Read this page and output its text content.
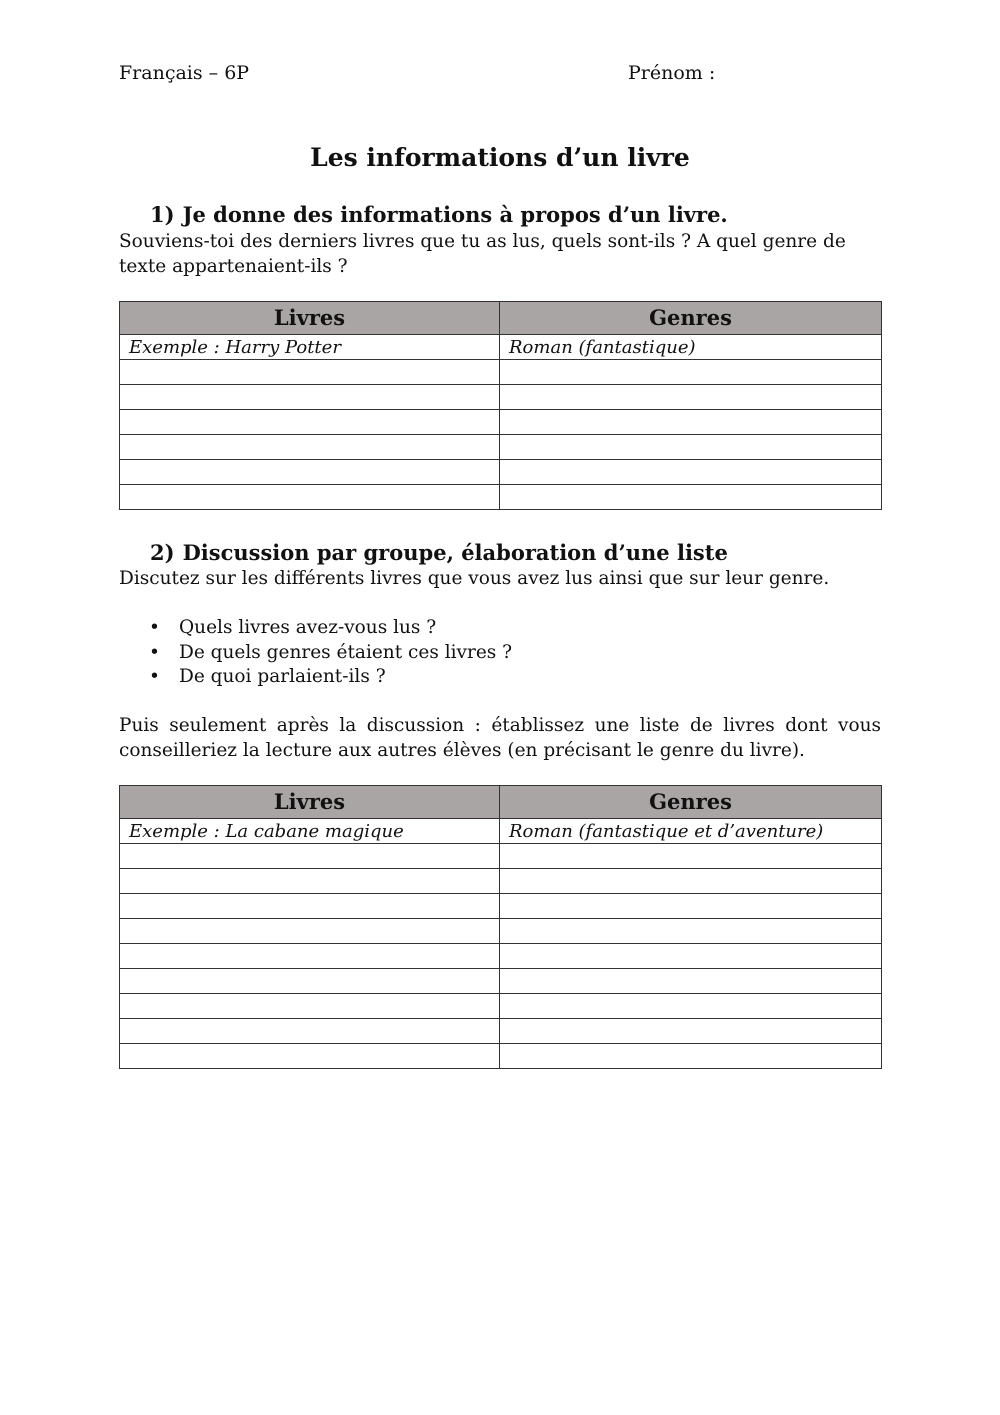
Français – 6P	Prénom :
Les informations d’un livre
1) Je donne des informations à propos d’un livre.

Souviens-toi des derniers livres que tu as lus, quels sont-ils ? A quel genre de texte appartenaient-ils ?

Livres	Genres
Exemple : Harry Potter	Roman (fantastique)

2) Discussion par groupe, élaboration d’une liste

Discutez sur les différents livres que vous avez lus ainsi que sur leur genre.

• Quels livres avez-vous lus ?
• De quels genres étaient ces livres ?
• De quoi parlaient-ils ?

Puis seulement après la discussion : établissez une liste de livres dont vous conseilleriez la lecture aux autres élèves (en précisant le genre du livre).

Livres	Genres
Exemple : La cabane magique	Roman (fantastique et d’aventure)
